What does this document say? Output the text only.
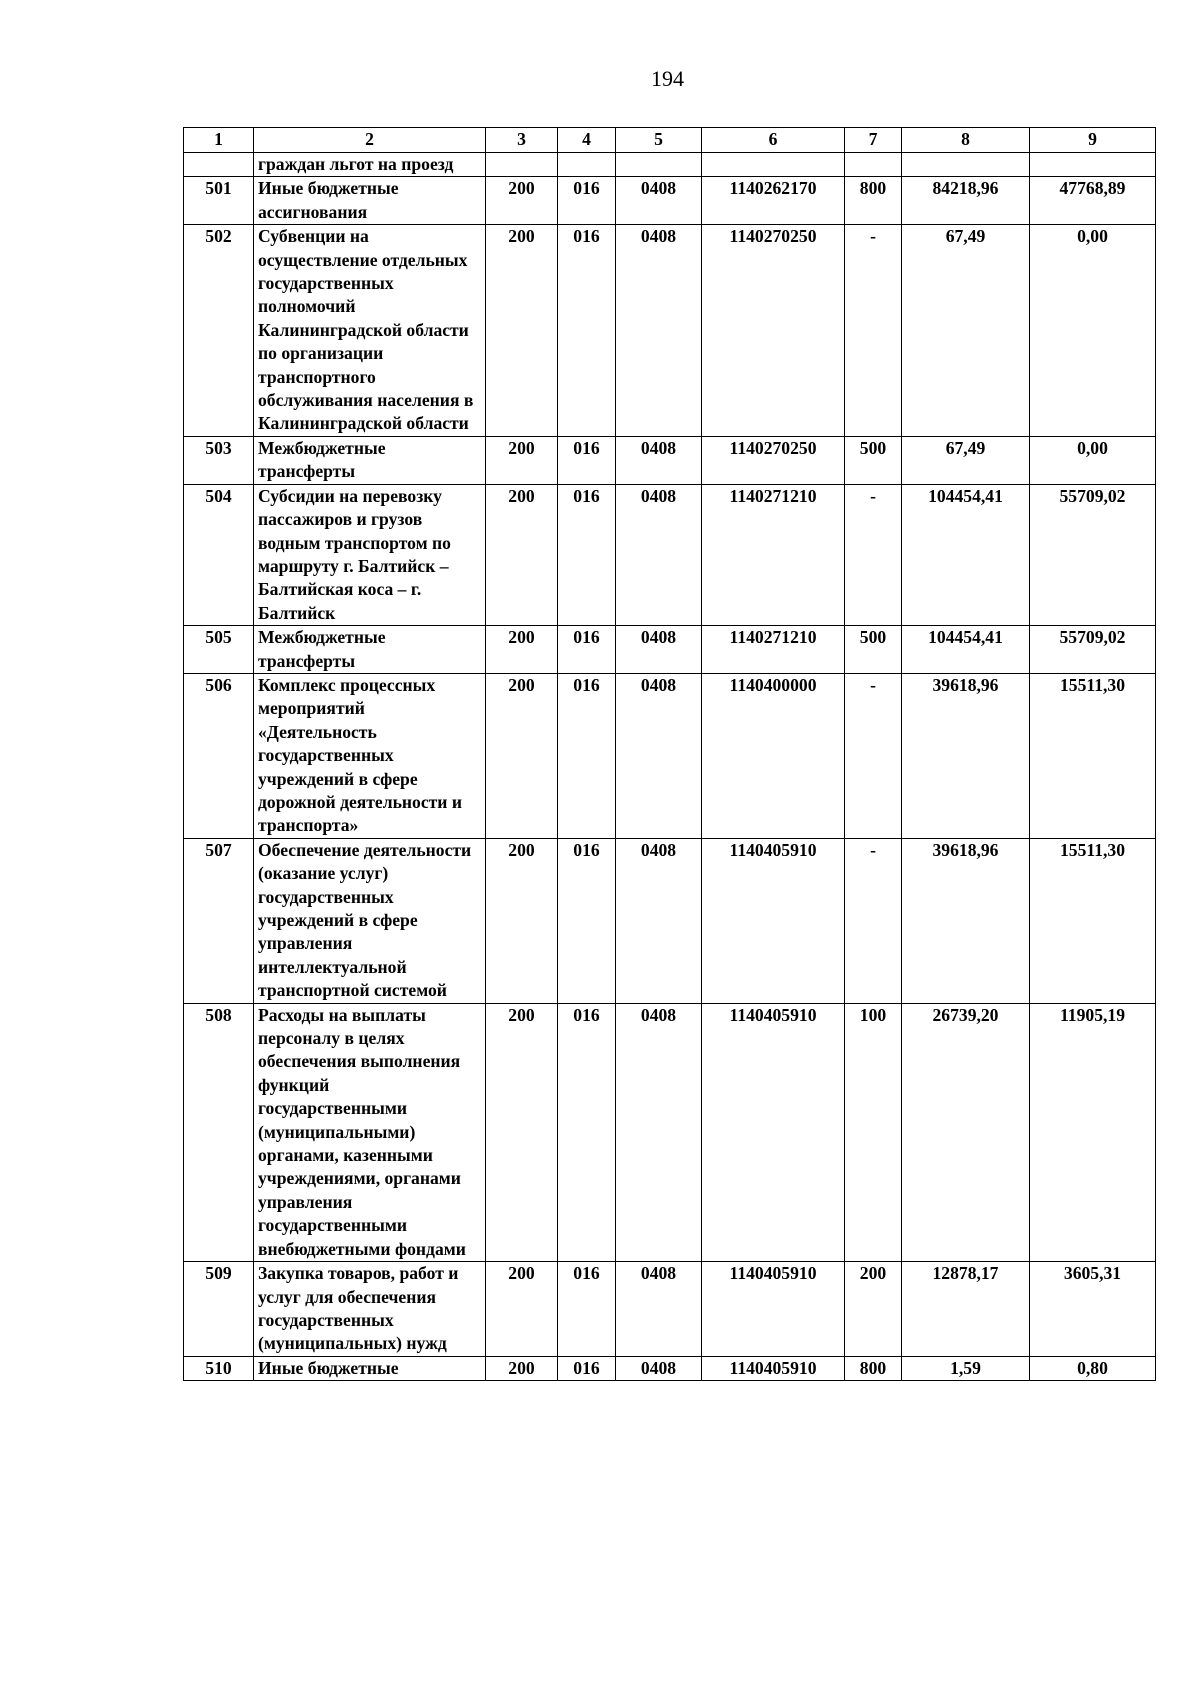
194
1	2	3	4	5	6	7	8	9
	граждан льгот на проезд							
501	Иные бюджетные ассигнования	200	016	0408	1140262170	800	84218,96	47768,89
502	Субвенции на осуществление отдельных государственных полномочий Калининградской области по организации транспортного обслуживания населения в Калининградской области	200	016	0408	1140270250	-	67,49	0,00
503	Межбюджетные трансферты	200	016	0408	1140270250	500	67,49	0,00
504	Субсидии на перевозку пассажиров и грузов водным транспортом по маршруту г. Балтийск – Балтийская коса – г. Балтийск	200	016	0408	1140271210	-	104454,41	55709,02
505	Межбюджетные трансферты	200	016	0408	1140271210	500	104454,41	55709,02
506	Комплекс процессных мероприятий «Деятельность государственных учреждений в сфере дорожной деятельности и транспорта»	200	016	0408	1140400000	-	39618,96	15511,30
507	Обеспечение деятельности (оказание услуг) государственных учреждений в сфере управления интеллектуальной транспортной системой	200	016	0408	1140405910	-	39618,96	15511,30
508	Расходы на выплаты персоналу в целях обеспечения выполнения функций государственными (муниципальными) органами, казенными учреждениями, органами управления государственными внебюджетными фондами	200	016	0408	1140405910	100	26739,20	11905,19
509	Закупка товаров, работ и услуг для обеспечения государственных (муниципальных) нужд	200	016	0408	1140405910	200	12878,17	3605,31
510	Иные бюджетные	200	016	0408	1140405910	800	1,59	0,80
